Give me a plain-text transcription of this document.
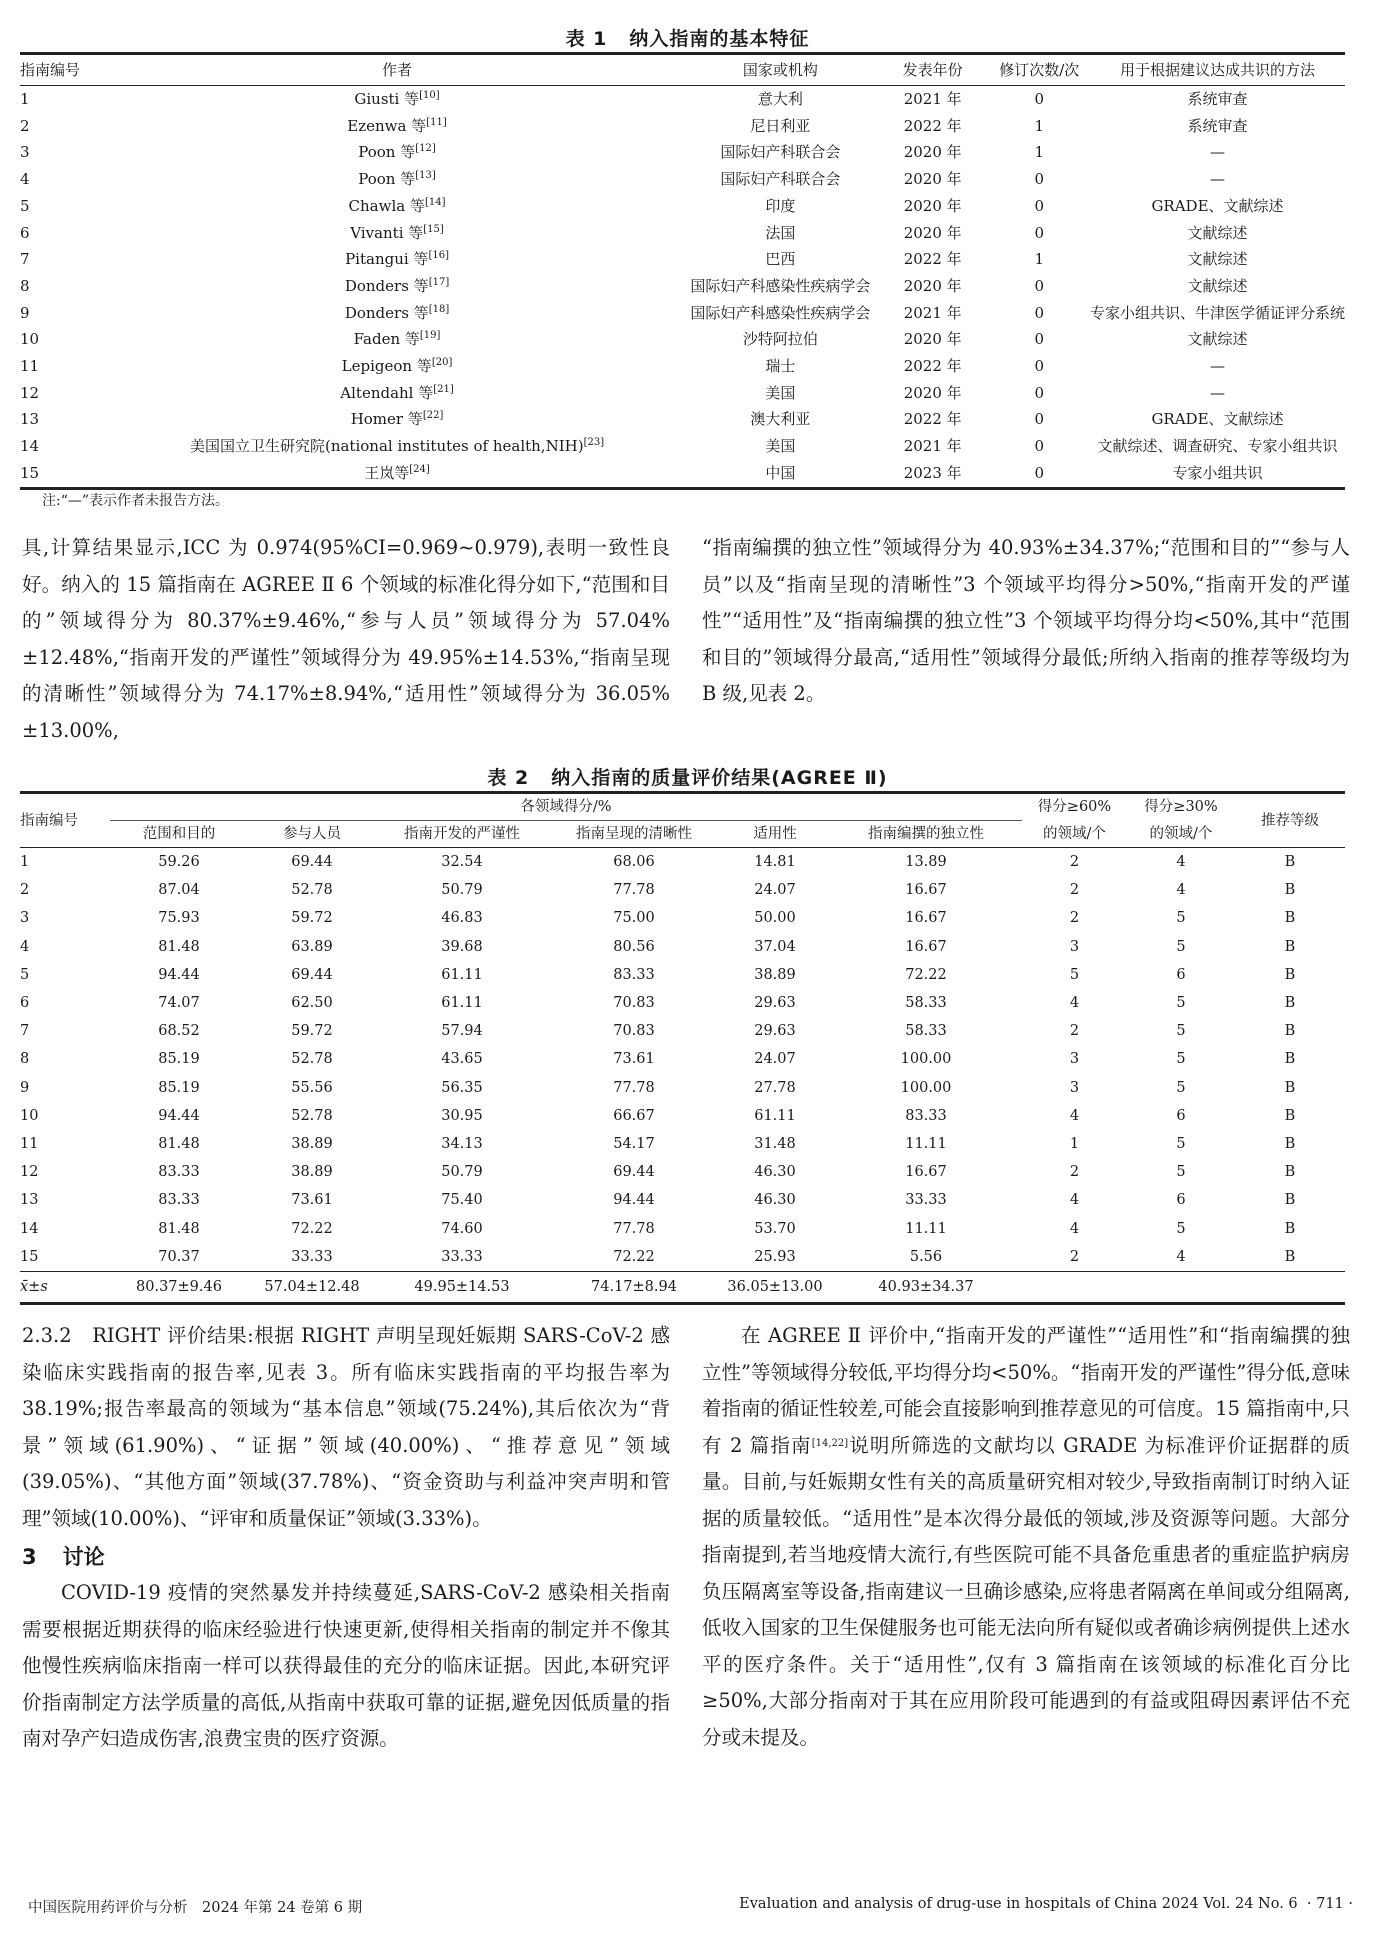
表 1 纳入指南的基本特征
指南编号	作者	国家或机构	发表年份	修订次数/次	用于根据建议达成共识的方法
1	Giusti 等[10]	意大利	2021 年	0	系统审查
2	Ezenwa 等[11]	尼日利亚	2022 年	1	系统审查
3	Poon 等[12]	国际妇产科联合会	2020 年	1	—
4	Poon 等[13]	国际妇产科联合会	2020 年	0	—
5	Chawla 等[14]	印度	2020 年	0	GRADE、文献综述
6	Vivanti 等[15]	法国	2020 年	0	文献综述
7	Pitangui 等[16]	巴西	2022 年	1	文献综述
8	Donders 等[17]	国际妇产科感染性疾病学会	2020 年	0	文献综述
9	Donders 等[18]	国际妇产科感染性疾病学会	2021 年	0	专家小组共识、牛津医学循证评分系统
10	Faden 等[19]	沙特阿拉伯	2020 年	0	文献综述
11	Lepigeon 等[20]	瑞士	2022 年	0	—
12	Altendahl 等[21]	美国	2020 年	0	—
13	Homer 等[22]	澳大利亚	2022 年	0	GRADE、文献综述
14	美国国立卫生研究院(national institutes of health,NIH)[23]	美国	2021 年	0	文献综述、调查研究、专家小组共识
15	王岚等[24]	中国	2023 年	0	专家小组共识
注:“—”表示作者未报告方法。
具,计算结果显示,ICC 为 0.974(95%CI=0.969~0.979),表明一致性良好。纳入的 15 篇指南在 AGREE Ⅱ 6 个领域的标准化得分如下,“范围和目的”领域得分为 80.37%±9.46%,“参与人员”领域得分为 57.04%±12.48%,“指南开发的严谨性”领域得分为 49.95%±14.53%,“指南呈现的清晰性”领域得分为 74.17%±8.94%,“适用性”领域得分为 36.05%±13.00%,
“指南编撰的独立性”领域得分为 40.93%±34.37%;“范围和目的”“参与人员”以及“指南呈现的清晰性”3 个领域平均得分>50%,“指南开发的严谨性”“适用性”及“指南编撰的独立性”3 个领域平均得分均<50%,其中“范围和目的”领域得分最高,“适用性”领域得分最低;所纳入指南的推荐等级均为 B 级,见表 2。
表 2 纳入指南的质量评价结果(AGREE Ⅱ)
指南编号	各领域得分/%						得分≥60%	得分≥30%	推荐等级
	范围和目的	参与人员	指南开发的严谨性	指南呈现的清晰性	适用性	指南编撰的独立性	的领域/个	的领域/个	
1	59.26	69.44	32.54	68.06	14.81	13.89	2	4	B
2	87.04	52.78	50.79	77.78	24.07	16.67	2	4	B
3	75.93	59.72	46.83	75.00	50.00	16.67	2	5	B
4	81.48	63.89	39.68	80.56	37.04	16.67	3	5	B
5	94.44	69.44	61.11	83.33	38.89	72.22	5	6	B
6	74.07	62.50	61.11	70.83	29.63	58.33	4	5	B
7	68.52	59.72	57.94	70.83	29.63	58.33	2	5	B
8	85.19	52.78	43.65	73.61	24.07	100.00	3	5	B
9	85.19	55.56	56.35	77.78	27.78	100.00	3	5	B
10	94.44	52.78	30.95	66.67	61.11	83.33	4	6	B
11	81.48	38.89	34.13	54.17	31.48	11.11	1	5	B
12	83.33	38.89	50.79	69.44	46.30	16.67	2	5	B
13	83.33	73.61	75.40	94.44	46.30	33.33	4	6	B
14	81.48	72.22	74.60	77.78	53.70	11.11	4	5	B
15	70.37	33.33	33.33	72.22	25.93	5.56	2	4	B
x̄±s	80.37±9.46	57.04±12.48	49.95±14.53	74.17±8.94	36.05±13.00	40.93±34.37			
2.3.2　RIGHT 评价结果:根据 RIGHT 声明呈现妊娠期 SARS-CoV-2 感染临床实践指南的报告率,见表 3。所有临床实践指南的平均报告率为 38.19%;报告率最高的领域为“基本信息”领域(75.24%),其后依次为“背景”领域(61.90%)、“证据”领域(40.00%)、“推荐意见”领域(39.05%)、“其他方面”领域(37.78%)、“资金资助与利益冲突声明和管理”领域(10.00%)、“评审和质量保证”领域(3.33%)。
3 讨论
COVID-19 疫情的突然暴发并持续蔓延,SARS-CoV-2 感染相关指南需要根据近期获得的临床经验进行快速更新,使得相关指南的制定并不像其他慢性疾病临床指南一样可以获得最佳的充分的临床证据。因此,本研究评价指南制定方法学质量的高低,从指南中获取可靠的证据,避免因低质量的指南对孕产妇造成伤害,浪费宝贵的医疗资源。
在 AGREE Ⅱ 评价中,“指南开发的严谨性”“适用性”和“指南编撰的独立性”等领域得分较低,平均得分均<50%。“指南开发的严谨性”得分低,意味着指南的循证性较差,可能会直接影响到推荐意见的可信度。15 篇指南中,只有 2 篇指南[14,22]说明所筛选的文献均以 GRADE 为标准评价证据群的质量。目前,与妊娠期女性有关的高质量研究相对较少,导致指南制订时纳入证据的质量较低。“适用性”是本次得分最低的领域,涉及资源等问题。大部分指南提到,若当地疫情大流行,有些医院可能不具备危重患者的重症监护病房负压隔离室等设备,指南建议一旦确诊感染,应将患者隔离在单间或分组隔离,低收入国家的卫生保健服务也可能无法向所有疑似或者确诊病例提供上述水平的医疗条件。关于“适用性”,仅有 3 篇指南在该领域的标准化百分比≥50%,大部分指南对于其在应用阶段可能遇到的有益或阻碍因素评估不充分或未提及。
中国医院用药评价与分析　2024 年第 24 卷第 6 期	Evaluation and analysis of drug-use in hospitals of China 2024 Vol. 24 No. 6 · 711 ·
